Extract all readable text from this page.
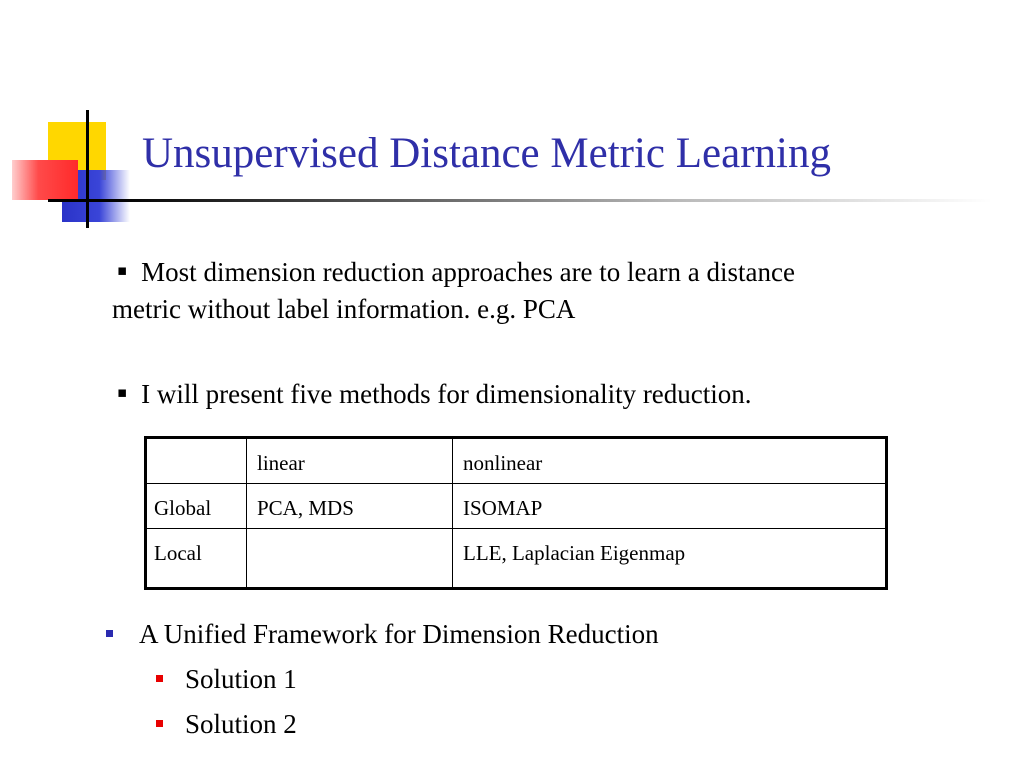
Unsupervised Distance Metric Learning
▪ Most dimension reduction approaches are to learn a distance
metric without label information. e.g. PCA
▪ I will present five methods for dimensionality reduction.
	linear	nonlinear
Global	PCA, MDS	ISOMAP
Local		LLE, Laplacian Eigenmap
A Unified Framework for Dimension Reduction
Solution 1
Solution 2
